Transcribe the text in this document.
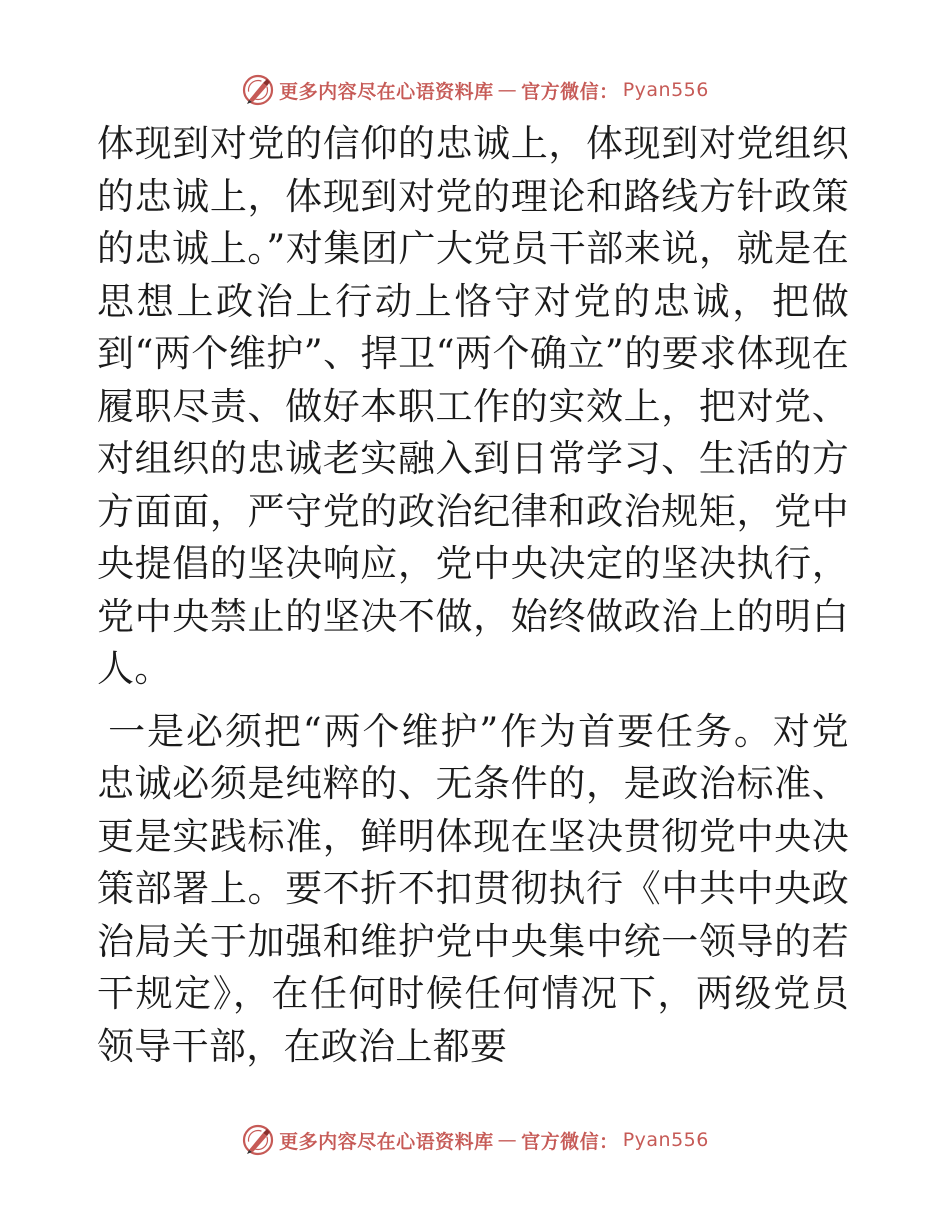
更多内容尽在心语资料库 — 官方微信： Pyan556

体现到对党的信仰的忠诚上，体现到对党组织的忠诚上，体现到对党的理论和路线方针政策的忠诚上。”对集团广大党员干部来说，就是在思想上政治上行动上恪守对党的忠诚，把做到“两个维护”、捍卫“两个确立”的要求体现在履职尽责、做好本职工作的实效上，把对党、对组织的忠诚老实融入到日常学习、生活的方方面面，严守党的政治纪律和政治规矩，党中央提倡的坚决响应，党中央决定的坚决执行，党中央禁止的坚决不做，始终做政治上的明白人。

一是必须把“两个维护”作为首要任务。对党忠诚必须是纯粹的、无条件的，是政治标准、更是实践标准，鲜明体现在坚决贯彻党中央决策部署上。要不折不扣贯彻执行《中共中央政治局关于加强和维护党中央集中统一领导的若干规定》，在任何时候任何情况下，两级党员领导干部，在政治上都要

更多内容尽在心语资料库 — 官方微信： Pyan556
